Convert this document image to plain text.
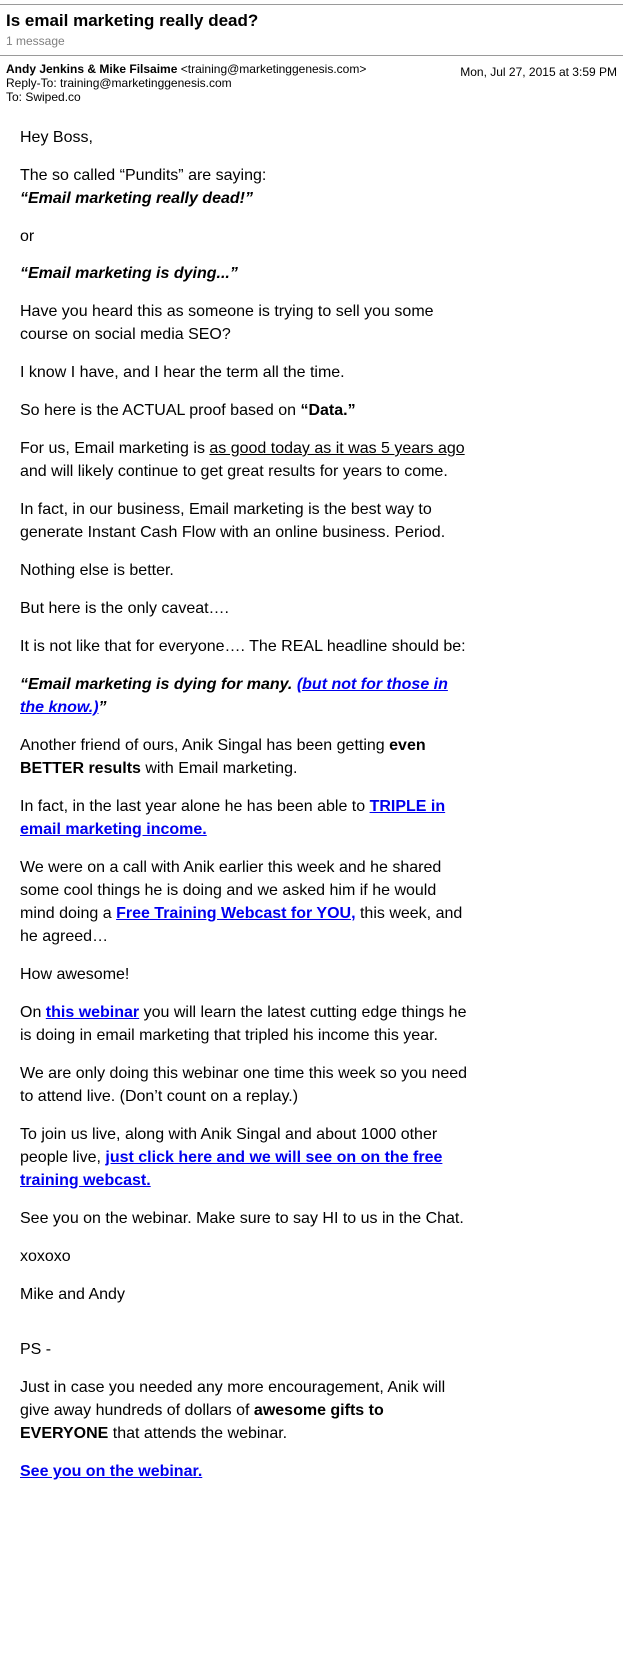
Is email marketing really dead?
1 message
Andy Jenkins & Mike Filsaime <training@marketinggenesis.com>	Mon, Jul 27, 2015 at 3:59 PM
Reply-To: training@marketinggenesis.com
To: Swiped.co

Hey Boss,

The so called “Pundits” are saying:
“Email marketing really dead!”

or

“Email marketing is dying...”

Have you heard this as someone is trying to sell you some course on social media SEO?

I know I have, and I hear the term all the time.

So here is the ACTUAL proof based on “Data.”

For us, Email marketing is as good today as it was 5 years ago and will likely continue to get great results for years to come.

In fact, in our business, Email marketing is the best way to generate Instant Cash Flow with an online business. Period.

Nothing else is better.

But here is the only caveat….

It is not like that for everyone…. The REAL headline should be:

“Email marketing is dying for many. (but not for those in the know.)”

Another friend of ours, Anik Singal has been getting even BETTER results with Email marketing.

In fact, in the last year alone he has been able to TRIPLE in email marketing income.

We were on a call with Anik earlier this week and he shared some cool things he is doing and we asked him if he would mind doing a Free Training Webcast for YOU, this week, and he agreed…

How awesome!

On this webinar you will learn the latest cutting edge things he is doing in email marketing that tripled his income this year.

We are only doing this webinar one time this week so you need to attend live. (Don’t count on a replay.)

To join us live, along with Anik Singal and about 1000 other people live, just click here and we will see on on the free training webcast.

See you on the webinar. Make sure to say HI to us in the Chat.

xoxoxo

Mike and Andy

PS -

Just in case you needed any more encouragement, Anik will give away hundreds of dollars of awesome gifts to EVERYONE that attends the webinar.

See you on the webinar.
